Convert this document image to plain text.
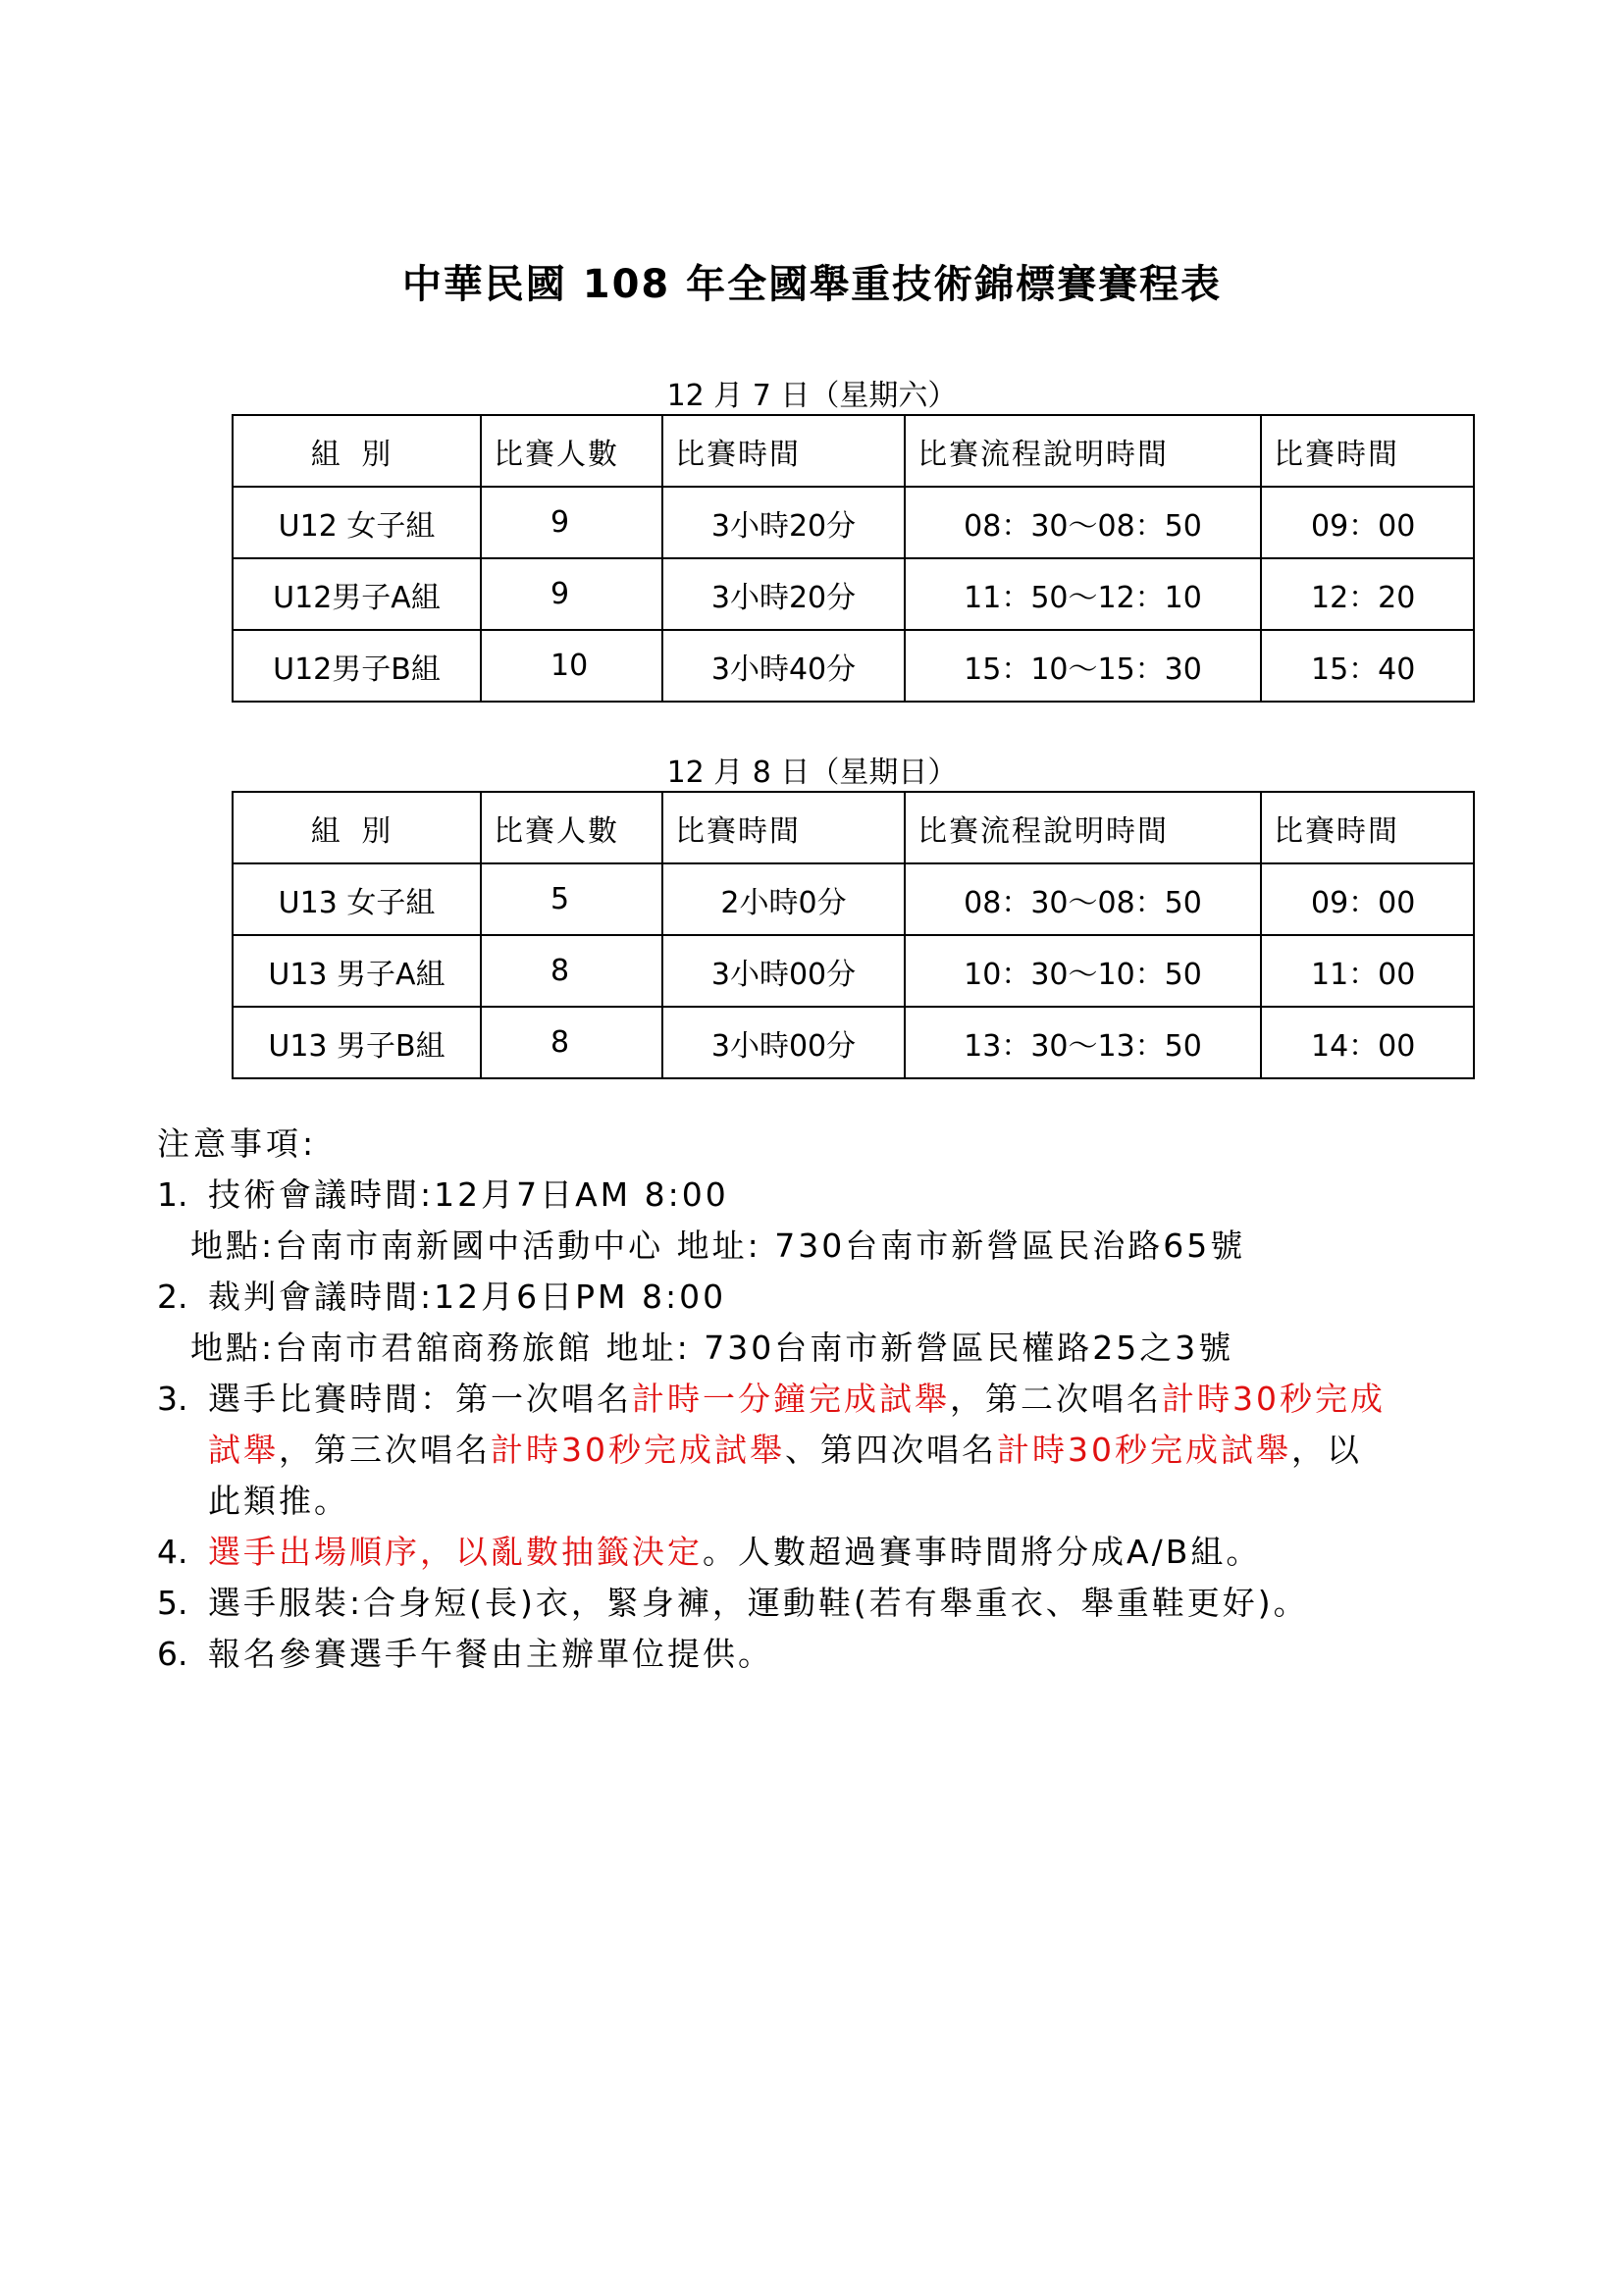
中華民國 108 年全國舉重技術錦標賽賽程表
12 月 7 日（星期六）
組 別	比賽人數	比賽時間	比賽流程說明時間	比賽時間
U12 女子組	9	3小時20分	08：30～08：50	09：00
U12男子A組	9	3小時20分	11：50～12：10	12：20
U12男子B組	10	3小時40分	15：10～15：30	15：40
12 月 8 日（星期日）
組 別	比賽人數	比賽時間	比賽流程說明時間	比賽時間
U13 女子組	5	2小時0分	08：30～08：50	09：00
U13 男子A組	8	3小時00分	10：30～10：50	11：00
U13 男子B組	8	3小時00分	13：30～13：50	14：00
注意事項:
1. 技術會議時間:12月7日AM 8:00
地點:台南市南新國中活動中心 地址: 730台南市新營區民治路65號
2. 裁判會議時間:12月6日PM 8:00
地點:台南市君舘商務旅館 地址: 730台南市新營區民權路25之3號
3. 選手比賽時間：第一次唱名計時一分鐘完成試舉，第二次唱名計時30秒完成
試舉，第三次唱名計時30秒完成試舉、第四次唱名計時30秒完成試舉，以
此類推。
4. 選手出場順序，以亂數抽籤決定。人數超過賽事時間將分成A/B組。
5. 選手服裝:合身短(長)衣，緊身褲，運動鞋(若有舉重衣、舉重鞋更好)。
6. 報名參賽選手午餐由主辦單位提供。
